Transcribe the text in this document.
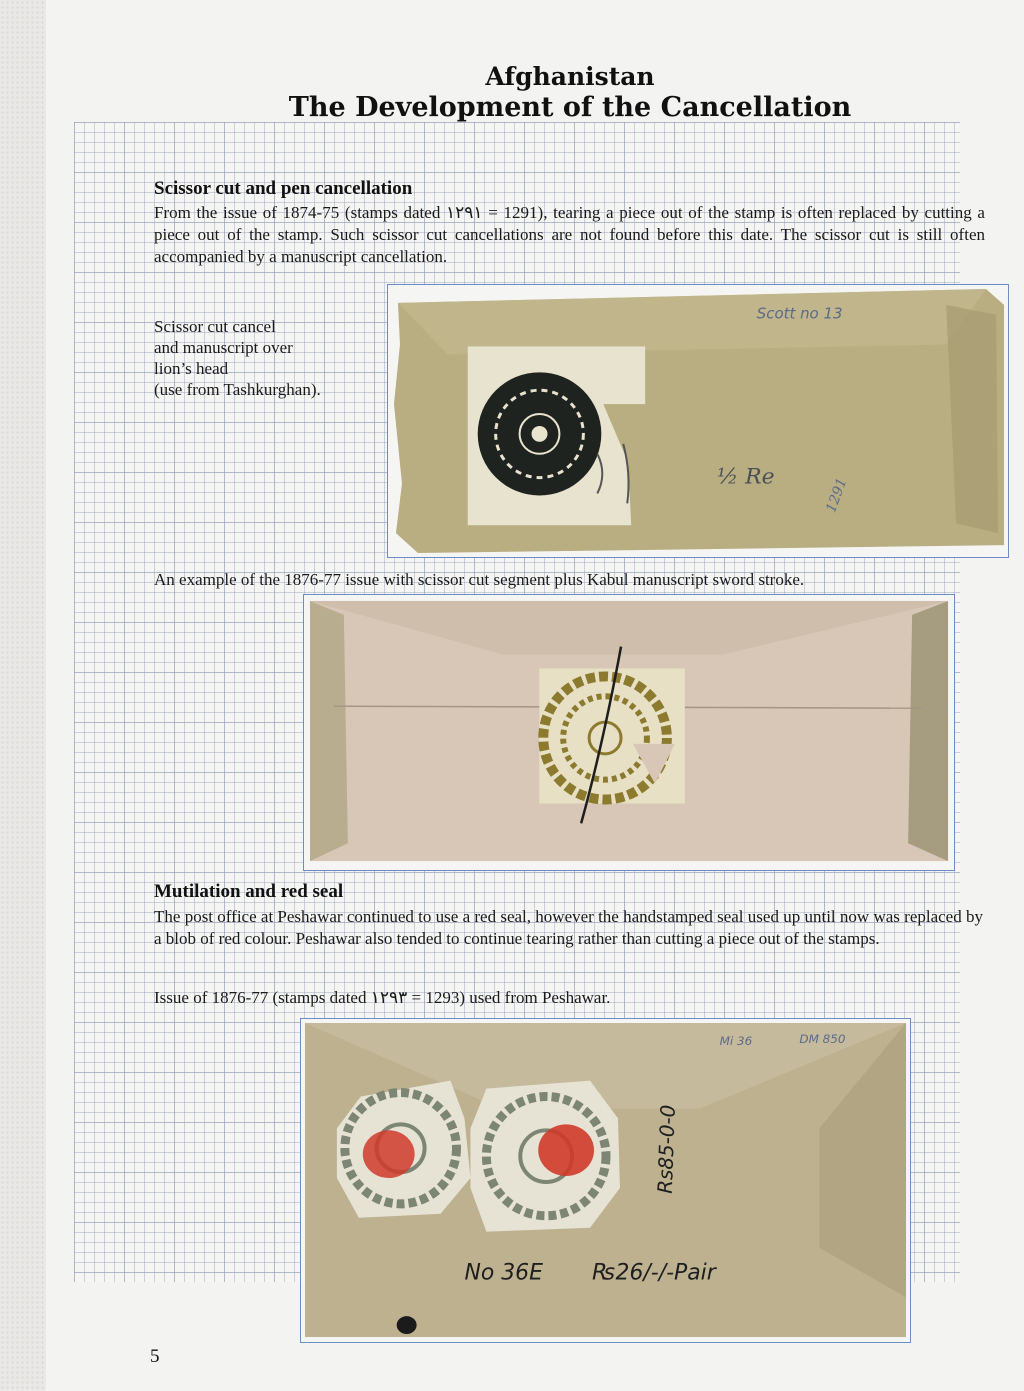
Afghanistan
The Development of the Cancellation
Scissor cut and pen cancellation

From the issue of 1874-75 (stamps dated ١٢٩١ = 1291), tearing a piece out of the stamp is often replaced by cutting a piece out of the stamp. Such scissor cut cancellations are not found before this date. The scissor cut is still often accompanied by a manuscript cancellation.

Scissor cut cancel
and manuscript over
lion’s head
(use from Tashkurghan).
Scott no 13
½ Re	1291

An example of the 1876-77 issue with scissor cut segment plus Kabul manuscript sword stroke.

Mutilation and red seal

The post office at Peshawar continued to use a red seal, however the handstamped seal used up until now was replaced by a blob of red colour. Peshawar also tended to continue tearing rather than cutting a piece out of the stamps.

Issue of 1876-77 (stamps dated ١٢٩٣ = 1293) used from Peshawar.

No 36E ₨26/-/-Pair
Rs85-0-0
Mi 36	DM 850

5
